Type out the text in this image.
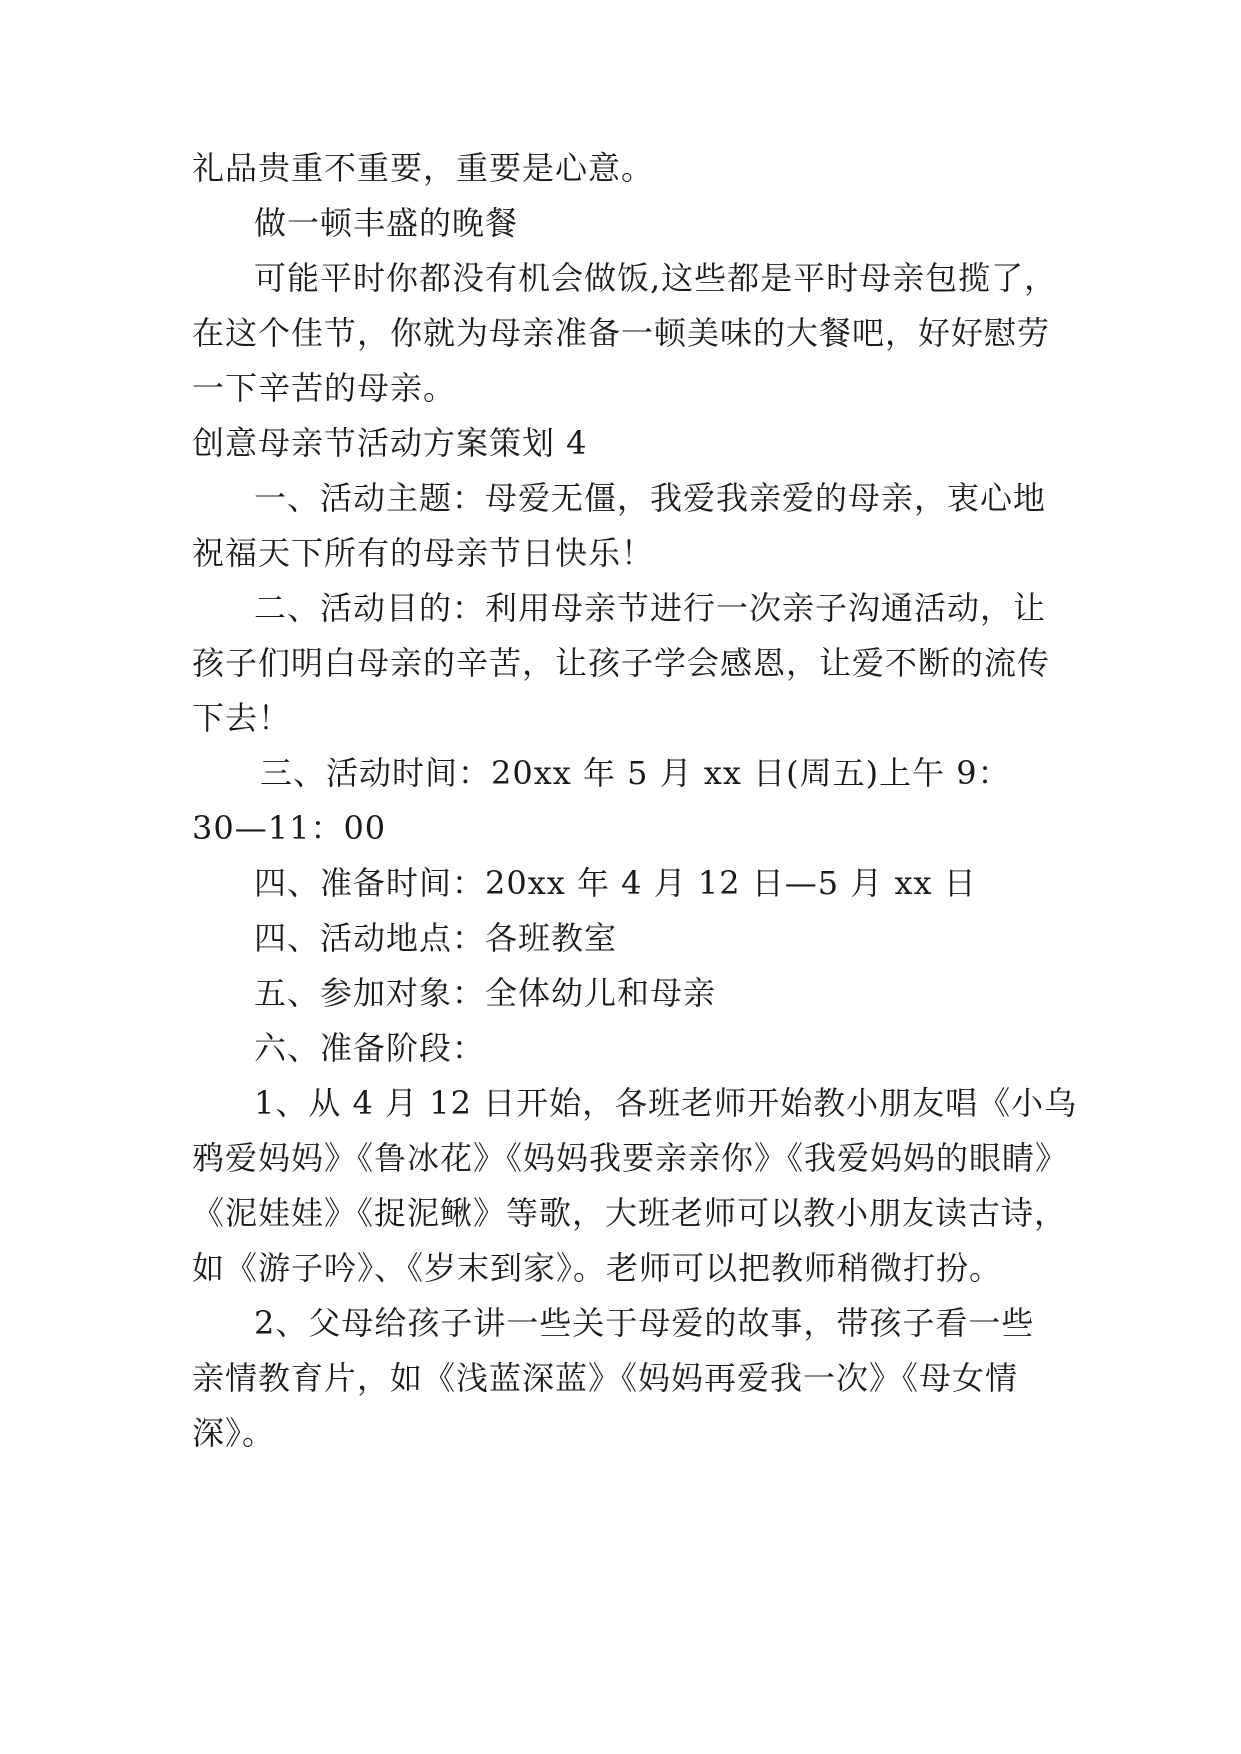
礼品贵重不重要，重要是心意。
做一顿丰盛的晚餐
可能平时你都没有机会做饭,这些都是平时母亲包揽了，
在这个佳节，你就为母亲准备一顿美味的大餐吧，好好慰劳
一下辛苦的母亲。
创意母亲节活动方案策划 4
一、活动主题：母爱无僵，我爱我亲爱的母亲，衷心地
祝福天下所有的母亲节日快乐！
二、活动目的：利用母亲节进行一次亲子沟通活动，让
孩子们明白母亲的辛苦，让孩子学会感恩，让爱不断的流传
下去！
三、活动时间：20xx 年 5 月 xx 日(周五)上午 9：
30—11：00
四、准备时间：20xx 年 4 月 12 日—5 月 xx 日
四、活动地点：各班教室
五、参加对象：全体幼儿和母亲
六、准备阶段：
1、从 4 月 12 日开始，各班老师开始教小朋友唱《小乌
鸦爱妈妈》《鲁冰花》《妈妈我要亲亲你》《我爱妈妈的眼睛》
《泥娃娃》《捉泥鳅》等歌，大班老师可以教小朋友读古诗，
如《游子吟》、《岁末到家》。老师可以把教师稍微打扮。
2、父母给孩子讲一些关于母爱的故事，带孩子看一些
亲情教育片，如《浅蓝深蓝》《妈妈再爱我一次》《母女情
深》。
